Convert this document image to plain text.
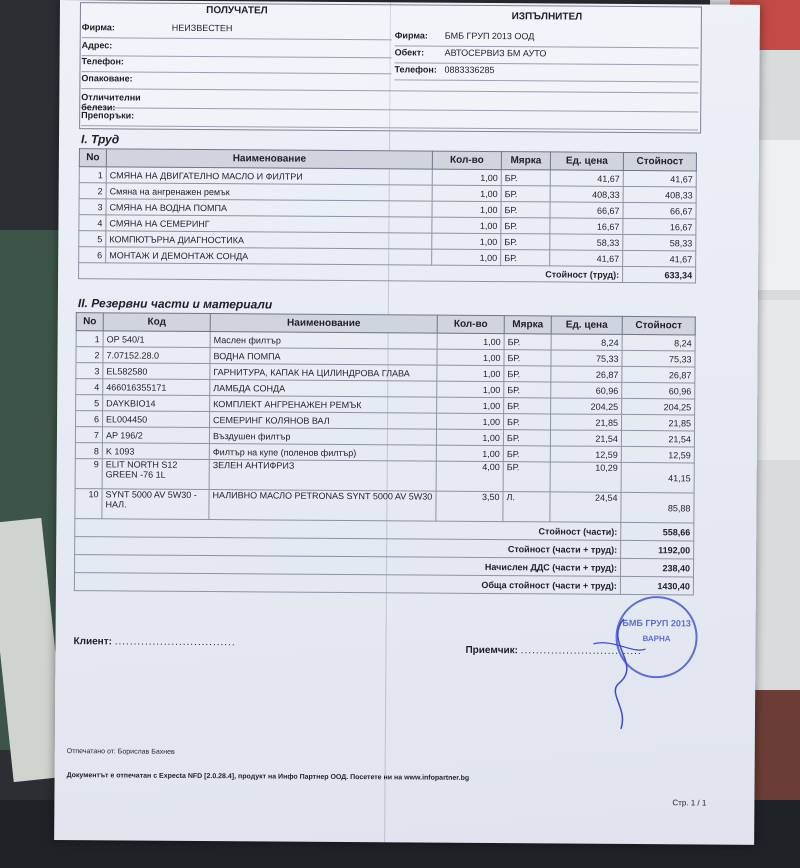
ПОЛУЧАТЕЛ
ИЗПЪЛНИТЕЛ
Фирма:	НЕИЗВЕСТЕН
Адрес:
Телефон:
Опаковане:
Отличителни белези:
Препоръки:
Фирма: БМБ ГРУП 2013 ООД
Обект: АВТОСЕРВИЗ БМ АУТО
Телефон: 0883336285
I. Труд
No	Наименование	Кол-во	Мярка	Ед. цена	Стойност
1	СМЯНА НА ДВИГАТЕЛНО МАСЛО И ФИЛТРИ	1,00	БР.	41,67	41,67
2	Смяна на ангренажен ремък	1,00	БР.	408,33	408,33
3	СМЯНА НА ВОДНА ПОМПА	1,00	БР.	66,67	66,67
4	СМЯНА НА СЕМЕРИНГ	1,00	БР.	16,67	16,67
5	КОМПЮТЪРНА ДИАГНОСТИКА	1,00	БР.	58,33	58,33
6	МОНТАЖ И ДЕМОНТАЖ СОНДА	1,00	БР.	41,67	41,67
Стойност (труд):					633,34
II. Резервни части и материали
No	Код	Наименование	Кол-во	Мярка	Ед. цена	Стойност
1	OP 540/1	Маслен филтър	1,00	БР.	8,24	8,24
2	7.07152.28.0	ВОДНА ПОМПА	1,00	БР.	75,33	75,33
3	EL582580	ГАРНИТУРА, КАПАК НА ЦИЛИНДРОВА ГЛАВА	1,00	БР.	26,87	26,87
4	466016355171	ЛАМБДА СОНДА	1,00	БР.	60,96	60,96
5	DAYKBIO14	КОМПЛЕКТ АНГРЕНАЖЕН РЕМЪК	1,00	БР.	204,25	204,25
6	EL004450	СЕМЕРИНГ КОЛЯНОВ ВАЛ	1,00	БР.	21,85	21,85
7	AP 196/2	Въздушен филтър	1,00	БР.	21,54	21,54
8	K 1093	Филтър на купе (поленов филтър)	1,00	БР.	12,59	12,59
9	ELIT NORTH S12 GREEN -76 1L	ЗЕЛЕН АНТИФРИЗ	4,00	БР.	10,29	41,15
10	SYNT 5000 AV 5W30 - НАЛ.	НАЛИВНО МАСЛО PETRONAS SYNT 5000 AV 5W30	3,50	Л.	24,54	85,88
Стойност (части):						558,66
Стойност (части + труд):						1192,00
Начислен ДДС (части + труд):						238,40
Обща стойност (части + труд):						1430,40
Клиент: ................................
Приемчик: ................................
БМБ ГРУП 2013
ВАРНА
Отпечатано от: Борислав Бахнев
Документът е отпечатан с Expecta NFD [2.0.28.4], продукт на Инфо Партнер ООД. Посетете ни на www.infopartner.bg
Стр. 1 / 1
